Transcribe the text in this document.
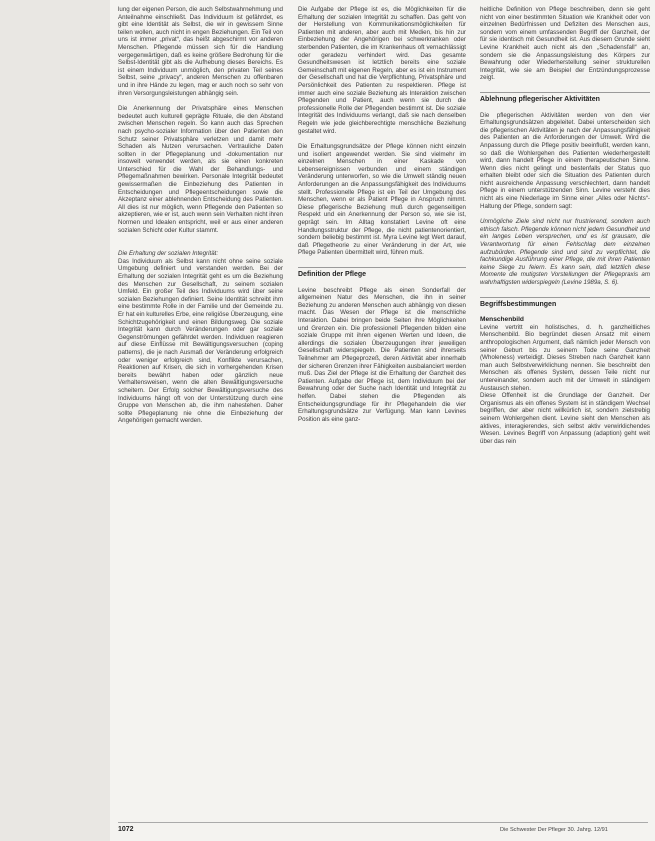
lung der eigenen Person, die auch Selbstwahrnehmung und Anteilnahme einschließt. Das Individuum ist gefährdet, es gibt eine Identität als Selbst, die wir in gewissem Sinne teilen wollen, auch nicht in engen Beziehungen. Ein Teil von uns ist immer „privat“, das heißt abgeschirmt vor anderen Menschen. Pflegende müssen sich für die Handlung vergegenwärtigen, daß es keine größere Bedrohung für die Selbst-Identität gibt als die Aufhebung dieses Bereichs. Es ist einem Individuum unmöglich, den privaten Teil seines Selbst, seine „privacy“, anderen Menschen zu offenbaren und in ihre Hände zu legen, mag er auch noch so sehr von ihren Versorgungsleistungen abhängig sein.

Die Anerkennung der Privatsphäre eines Menschen bedeutet auch kulturell geprägte Rituale, die den Abstand zwischen Menschen regeln. So kann auch das Sprechen nach psycho-sozialer Information über den Patienten den Schutz seiner Privatsphäre verletzen und damit mehr Schaden als Nutzen verursachen. Vertrauliche Daten sollten in der Pflegeplanung und -dokumentation nur insoweit verwendet werden, als sie einen konkreten Unterschied für die Wahl der Behandlungs- und Pflegemaßnahmen bewirken. Personale Integrität bedeutet gewissermaßen die Einbeziehung des Patienten in Entscheidungen und Pflegeentscheidungen sowie die Akzeptanz einer ablehnenden Entscheidung des Patienten. All dies ist nur möglich, wenn Pflegende den Patienten so akzeptieren, wie er ist, auch wenn sein Verhalten nicht ihren Normen und Idealen entspricht, weil er aus einer anderen sozialen Schicht oder Kultur stammt.

Die Erhaltung der sozialen Integrität:

Das Individuum als Selbst kann nicht ohne seine soziale Umgebung definiert und verstanden werden. Bei der Erhaltung der sozialen Integrität geht es um die Beziehung des Menschen zur Gesellschaft, zu seinem sozialen Umfeld. Ein großer Teil des Individuums wird über seine sozialen Beziehungen definiert. Seine Identität schreibt ihm eine bestimmte Rolle in der Familie und der Gemeinde zu. Er hat ein kulturelles Erbe, eine religiöse Überzeugung, eine Schichtzugehörigkeit und einen Bildungsweg. Die soziale Integrität kann durch Veränderungen oder gar soziale Gegenströmungen gefährdet werden. Individuen reagieren auf diese Einflüsse mit Bewältigungsversuchen (coping patterns), die je nach Ausmaß der Veränderung erfolgreich oder weniger erfolgreich sind, Konflikte verursachen, Reaktionen auf Krisen, die sich in vorhergehenden Krisen bereits bewährt haben oder gänzlich neue Verhaltensweisen, wenn die alten Bewältigungsversuche scheitern. Der Erfolg solcher Bewältigungsversuche des Individuums hängt oft von der Unterstützung durch eine Gruppe von Menschen ab, die ihm nahestehen. Daher sollte Pflegeplanung nie ohne die Einbeziehung der Angehörigen gemacht werden.

Die Aufgabe der Pflege ist es, die Möglichkeiten für die Erhaltung der sozialen Integrität zu schaffen. Das geht von der Herstellung von Kommunikationsmöglichkeiten für Patienten mit anderen, aber auch mit Medien, bis hin zur Einbeziehung der Angehörigen bei schwerkranken oder sterbenden Patienten, die im Krankenhaus oft vernachlässigt oder geradezu verhindert wird. Das gesamte Gesundheitswesen ist letztlich bereits eine soziale Gemeinschaft mit eigenen Regeln, aber es ist ein Instrument der Gesellschaft und hat die Verpflichtung, Privatsphäre und Persönlichkeit des Patienten zu respektieren. Pflege ist immer auch eine soziale Beziehung als Interaktion zwischen Pflegenden und Patient, auch wenn sie durch die professionelle Rolle der Pflegenden bestimmt ist. Die soziale Integrität des Individuums verlangt, daß sie nach denselben Regeln wie jede gleichberechtigte menschliche Beziehung gestaltet wird.

Die Erhaltungsgrundsätze der Pflege können nicht einzeln und isoliert angewendet werden. Sie sind vielmehr im einzelnen Menschen in einer Kaskade von Lebensereignissen verbunden und einem ständigen Veränderung unterworfen, so wie die Umwelt ständig neuen Anforderungen an die Anpassungsfähigkeit des Individuums stellt. Professionelle Pflege ist ein Teil der Umgebung des Menschen, wenn er als Patient Pflege in Anspruch nimmt. Diese pflegerische Beziehung muß durch gegenseitigen Respekt und ein Anerkennung der Person so, wie sie ist, geprägt sein. Im Alltag konstatiert Levine oft eine Handlungsstruktur der Pflege, die nicht patientenorientiert, sondern beliebig bestimmt ist. Myra Levine legt Wert darauf, daß Pflegetheorie zu einer Veränderung in der Art, wie Pflege Patienten übermittelt wird, führen muß.

Definition der Pflege

Levine beschreibt Pflege als einen Sonderfall der allgemeinen Natur des Menschen, die ihn in seiner Beziehung zu anderen Menschen auch abhängig von diesen macht. Das Wesen der Pflege ist die menschliche Interaktion. Dabei bringen beide Seiten ihre Möglichkeiten und Grenzen ein. Die professionell Pflegenden bilden eine soziale Gruppe mit ihren eigenen Werten und Ideen, die allerdings die sozialen Überzeugungen ihrer jeweiligen Gesellschaft widerspiegeln. Die Patienten sind ihrerseits Teilnehmer am Pflegeprozeß, deren Aktivität aber innerhalb der sicheren Grenzen ihrer Fähigkeiten ausbalanciert werden muß. Das Ziel der Pflege ist die Erhaltung der Ganzheit des Patienten. Aufgabe der Pflege ist, dem Individuum bei der Bewahrung oder der Suche nach Identität und Integrität zu helfen. Dabei stehen die Pflegenden als Entscheidungsgrundlage für ihr Pflegehandeln die vier Erhaltungsgrundsätze zur Verfügung. Man kann Levines Position als eine ganz-

heitliche Definition von Pflege beschreiben, denn sie geht nicht von einer bestimmten Situation wie Krankheit oder von einzelnen Bedürfnissen und Defiziten des Menschen aus, sondern vom einem umfassenden Begriff der Ganzheit, der für sie identisch mit Gesundheit ist. Aus diesem Grunde sieht Levine Krankheit auch nicht als den „Schadensfall“ an, sondern sie die Anpassungsleistung des Körpers zur Bewahrung oder Wiederherstellung seiner strukturellen Integrität, wie sie am Beispiel der Entzündungsprozesse zeigt.

Ablehnung pflegerischer Aktivitäten

Die pflegerischen Aktivitäten werden von den vier Erhaltungsgrundsätzen abgeleitet. Dabei unterscheiden sich die pflegerischen Aktivitäten je nach der Anpassungsfähigkeit des Patienten an die Anforderungen der Umwelt. Wird die Anpassung durch die Pflege positiv beeinflußt, werden kann, so daß die Wohlergehen des Patienten wiederhergestellt wird, dann handelt Pflege in einem therapeutischen Sinne. Wenn dies nicht gelingt und bestenfalls der Status quo erhalten bleibt oder sich die Situation des Patienten durch nicht ausreichende Anpassung verschlechtert, dann handelt Pflege in einem unterstützenden Sinn. Levine versteht dies nicht als eine Niederlage im Sinne einer „Alles oder Nichts“-Haltung der Pflege, sondern sagt:

Unmögliche Ziele sind nicht nur frustrierend, sondern auch ethisch falsch. Pflegende können nicht jedem Gesundheit und ein langes Leben versprechen, und es ist grausam, die Verantwortung für einen Fehlschlag dem einzelnen aufzubürden. Pflegende sind und sind zu verpflichtet, die fachkundige Ausführung einer Pflege, die mit ihren Patienten keine Siege zu feiern. Es kann sein, daß letztlich diese Momente die mutigsten Vorstellungen der Pflegepraxis am wahrhaftigsten widerspiegeln (Levine 1989a, S. 6).

Begriffsbestimmungen

Menschenbild

Levine vertritt ein holistisches, d. h. ganzheitliches Menschenbild. Bio begründet diesen Ansatz mit einem anthropologischen Argument, daß nämlich jeder Mensch von seiner Geburt bis zu seinem Tode seine Ganzheit (Wholeness) verteidigt. Dieses Streben nach Ganzheit kann man auch Selbstverwirklichung nennen. Sie beschreibt den Menschen als offenes System, dessen Teile nicht nur untereinander, sondern auch mit der Umwelt in ständigem Austausch stehen.

Diese Offenheit ist die Grundlage der Ganzheit. Der Organismus als ein offenes System ist in ständigem Wechsel begriffen, der aber nicht willkürlich ist, sondern zielstrebig seinem Wohlergehen dient. Levine sieht den Menschen als aktives, interagierendes, sich selbst aktiv verwirklichendes Wesen. Levines Begriff von Anpassung (adaption) geht weit über das rein

1072	Die Schwester Der Pfleger 30. Jahrg. 12/91
